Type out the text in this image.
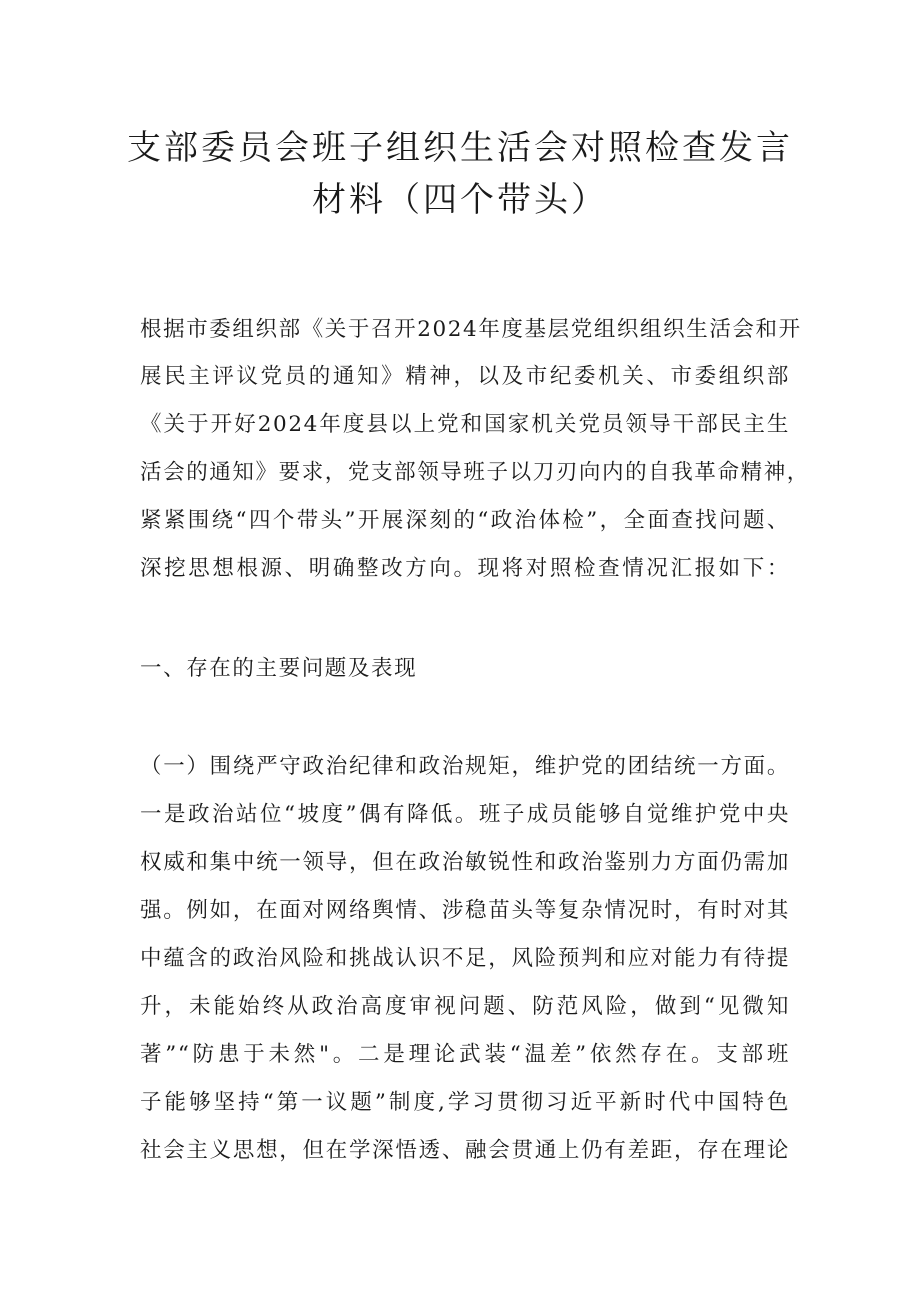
支部委员会班子组织生活会对照检查发言
材料（四个带头）

根据市委组织部《关于召开2024年度基层党组织组织生活会和开

展民主评议党员的通知》精神，以及市纪委机关、市委组织部

《关于开好2024年度县以上党和国家机关党员领导干部民主生

活会的通知》要求，党支部领导班子以刀刃向内的自我革命精神，

紧紧围绕“四个带头”开展深刻的“政治体检”，全面查找问题、

深挖思想根源、明确整改方向。现将对照检查情况汇报如下：

一、存在的主要问题及表现

（一）围绕严守政治纪律和政治规矩，维护党的团结统一方面。

一是政治站位“坡度”偶有降低。班子成员能够自觉维护党中央

权威和集中统一领导，但在政治敏锐性和政治鉴别力方面仍需加

强。例如，在面对网络舆情、涉稳苗头等复杂情况时，有时对其

中蕴含的政治风险和挑战认识不足，风险预判和应对能力有待提

升，未能始终从政治高度审视问题、防范风险，做到“见微知

著”“防患于未然"。二是理论武装“温差”依然存在。支部班

子能够坚持“第一议题”制度,学习贯彻习近平新时代中国特色

社会主义思想，但在学深悟透、融会贯通上仍有差距，存在理论
